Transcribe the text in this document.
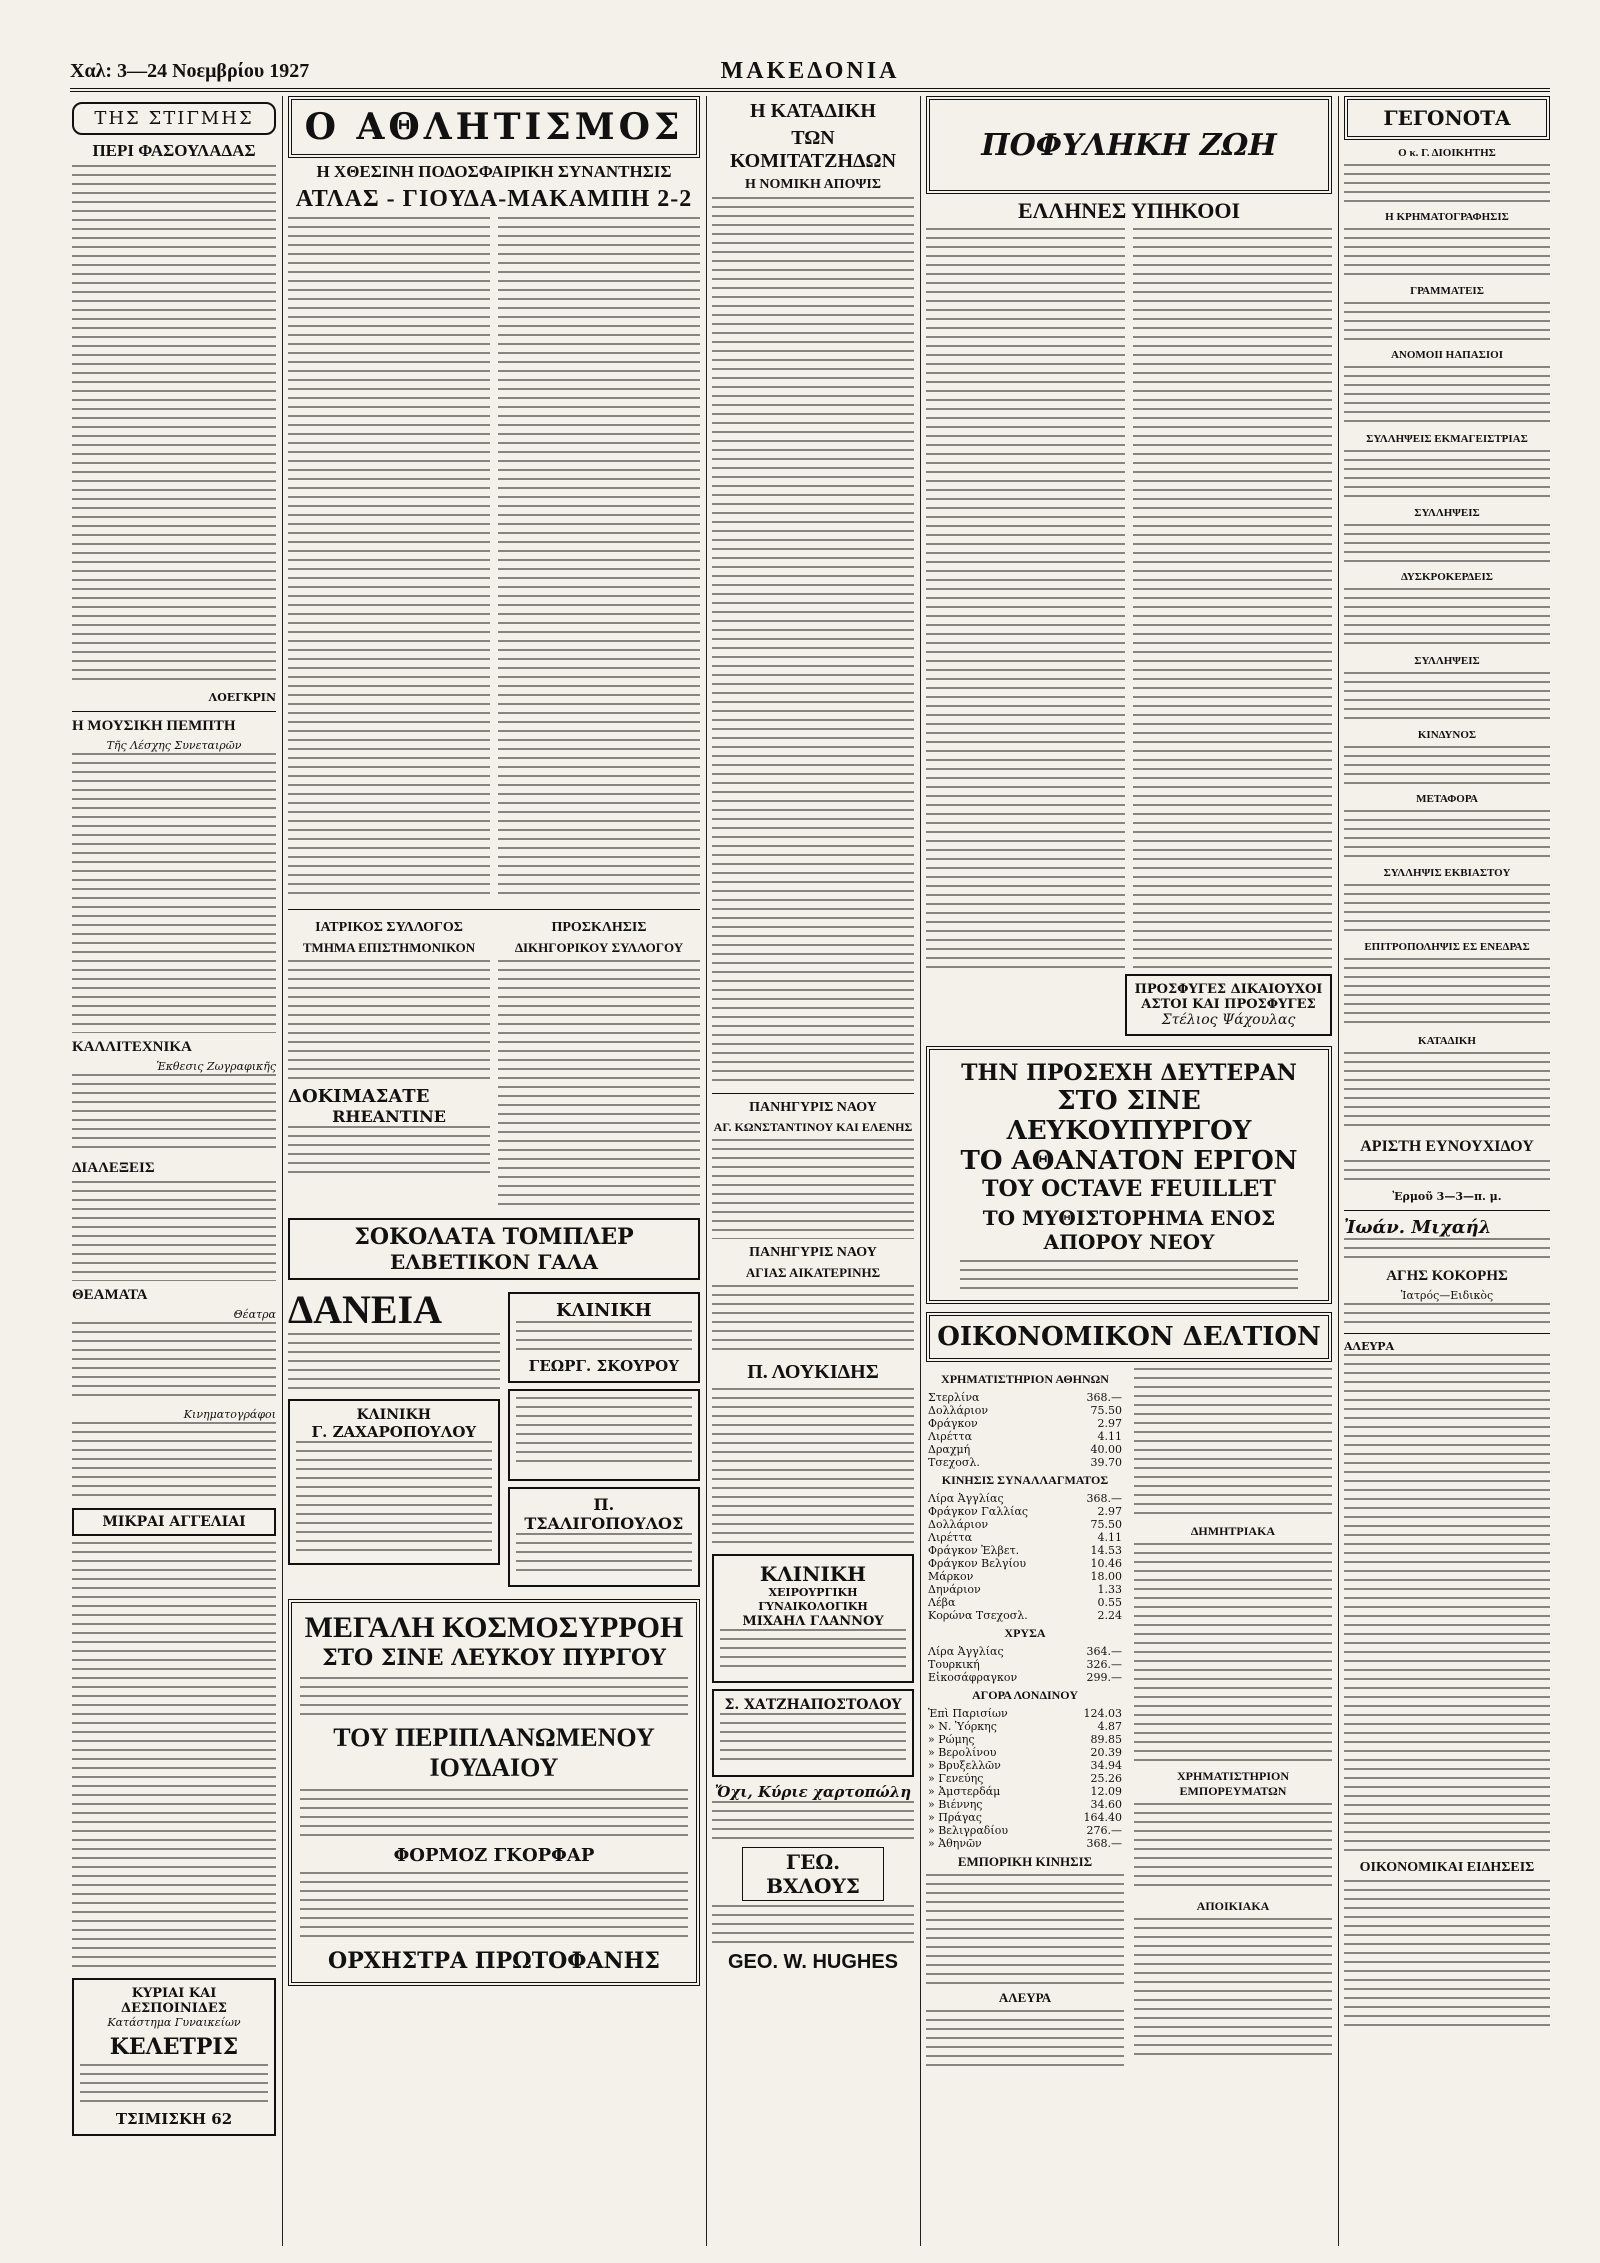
Χαλ: 3—24 Νοεμβρίου 1927	ΜΑΚΕΔΟΝΙΑ
ΤΗΣ ΣΤΙΓΜΗΣ
ΠΕΡΙ ΦΑΣΟΥΛΑΔΑΣ
ΛΟΕΓΚΡΙΝ
Η ΜΟΥΣΙΚΗ ΠΕΜΠΤΗ
Τῆς Λέσχης Συνεταιρῶν
ΚΑΛΛΙΤΕΧΝΙΚΑ
Ἐκθεσις Ζωγραφικῆς
ΔΙΑΛΕΞΕΙΣ
ΘΕΑΜΑΤΑ
Θέατρα
Κινηματογράφοι
ΜΙΚΡΑΙ ΑΓΓΕΛΙΑΙ
ΚΥΡΙΑΙ ΚΑΙ ΔΕΣΠΟΙΝΙΔΕΣ
Κατάστημα Γυναικείων
ΚΕΛΕΤΡΙΣ
ΤΣΙΜΙΣΚΗ 62
Ο ΑΘΛΗΤΙΣΜΟΣ
Η ΧΘΕΣΙΝΗ ΠΟΔΟΣΦΑΙΡΙΚΗ ΣΥΝΑΝΤΗΣΙΣ
ΑΤΛΑΣ - ΓΙΟΥΔΑ-ΜΑΚΑΜΠΗ 2-2
ΙΑΤΡΙΚΟΣ ΣΥΛΛΟΓΟΣ
ΤΜΗΜΑ ΕΠΙΣΤΗΜΟΝΙΚΟΝ
ΠΡΟΣΚΛΗΣΙΣ
ΔΙΚΗΓΟΡΙΚΟΥ ΣΥΛΛΟΓΟΥ
ΔΟΚΙΜΑΣΑΤΕ
RHEANTINE
ΣΟΚΟΛΑΤΑ ΤΟΜΠΛΕΡ
ΕΛΒΕΤΙΚΟΝ ΓΑΛΑ
ΔΑΝΕΙΑ
ΚΛΙΝΙΚΗ
Γ. ΖΑΧΑΡΟΠΟΥΛΟΥ
ΚΛΙΝΙΚΗ
ΓΕΩΡΓ. ΣΚΟΥΡΟΥ
Π. ΤΣΑΛΙΓΟΠΟΥΛΟΣ
ΜΕΓΑΛΗ ΚΟΣΜΟΣΥΡΡΟΗ
ΣΤΟ ΣΙΝΕ ΛΕΥΚΟΥ ΠΥΡΓΟΥ
ΤΟΥ ΠΕΡΙΠΛΑΝΩΜΕΝΟΥ ΙΟΥΔΑΙΟΥ
ΦΟΡΜΟΖ ΓΚΟΡΦΑΡ
ΟΡΧΗΣΤΡΑ ΠΡΩΤΟΦΑΝΗΣ
Η ΚΑΤΑΔΙΚΗ
ΤΩΝ ΚΟΜΙΤΑΤΖΗΔΩΝ
Η ΝΟΜΙΚΗ ΑΠΟΨΙΣ
ΠΑΝΗΓΥΡΙΣ ΝΑΟΥ
ΑΓ. ΚΩΝΣΤΑΝΤΙΝΟΥ ΚΑΙ ΕΛΕΝΗΣ
ΠΑΝΗΓΥΡΙΣ ΝΑΟΥ
ΑΓΙΑΣ ΑΙΚΑΤΕΡΙΝΗΣ
Π. ΛΟΥΚΙΔΗΣ
ΚΛΙΝΙΚΗ
ΧΕΙΡΟΥΡΓΙΚΗ ΓΥΝΑΙΚΟΛΟΓΙΚΗ
ΜΙΧΑΗΛ ΓΛΑΝΝΟΥ
Σ. ΧΑΤΖΗΑΠΟΣΤΟΛΟΥ
Ὄχι, Κύριε χαρτοπώλη
ΓΕΩ. ΒΧΛΟΥΣ
GEO. W. HUGHES
ΠΟΦΥΛΗΚΗ ΖΩΗ
ΕΛΛΗΝΕΣ ΥΠΗΚΟΟΙ
ΠΡΟΣΦΥΓΕΣ ΔΙΚΑΙΟΥΧΟΙ
ΑΣΤΟΙ ΚΑΙ ΠΡΟΣΦΥΓΕΣ
Στέλιος Ψάχουλας
ΤΗΝ ΠΡΟΣΕΧΗ ΔΕΥΤΕΡΑΝ
ΣΤΟ ΣΙΝΕ ΛΕΥΚΟΥΠΥΡΓΟΥ
ΤΟ ΑΘΑΝΑΤΟΝ ΕΡΓΟΝ
ΤΟΥ OCTAVE FEUILLET
ΤΟ ΜΥΘΙΣΤΟΡΗΜΑ ΕΝΟΣ ΑΠΟΡΟΥ ΝΕΟΥ
ΟΙΚΟΝΟΜΙΚΟΝ ΔΕΛΤΙΟΝ
ΧΡΗΜΑΤΙΣΤΗΡΙΟΝ ΑΘΗΝΩΝ
Στερλίνα	368.—
Δολλάριον	75.50
Φράγκον	2.97
Λιρέττα	4.11
Δραχμή	40.00
Τσεχοσλ.	39.70
ΚΙΝΗΣΙΣ ΣΥΝΑΛΛΑΓΜΑΤΟΣ
Λίρα Ἀγγλίας	368.—
Φράγκον Γαλλίας	2.97
Δολλάριον	75.50
Λιρέττα	4.11
Φράγκον Ἐλβετ.	14.53
Φράγκον Βελγίου	10.46
Μάρκον	18.00
Δηνάριον	1.33
Λέβα	0.55
Κορώνα Τσεχοσλ.	2.24
ΧΡΥΣΑ
Λίρα Ἀγγλίας	364.—
Τουρκική	326.—
Εἰκοσάφραγκον	299.—
ΑΓΟΡΑ ΛΟΝΔΙΝΟΥ
Ἐπὶ Παρισίων	124.03
» Ν. Ὑόρκης	4.87
» Ρώμης	89.85
» Βερολίνου	20.39
» Βρυξελλῶν	34.94
» Γενεύης	25.26
» Ἀμστερδάμ	12.09
» Βιέννης	34.60
» Πράγας	164.40
» Βελιγραδίου	276.—
» Ἀθηνῶν	368.—
ΕΜΠΟΡΙΚΗ ΚΙΝΗΣΙΣ
ΑΛΕΥΡΑ
ΔΗΜΗΤΡΙΑΚΑ
ΧΡΗΜΑΤΙΣΤΗΡΙΟΝ ΕΜΠΟΡΕΥΜΑΤΩΝ
ΑΠΟΙΚΙΑΚΑ
ΓΕΓΟΝΟΤΑ
Ο κ. Γ. ΔΙΟΙΚΗΤΗΣ
Η ΚΡΗΜΑΤΟΓΡΑΦΗΣΙΣ
ΓΡΑΜΜΑΤΕΙΣ
ΑΝΟΜΟΙΙ ΗΑΠΑΣΙΟΙ
ΣΥΛΛΗΨΕΙΣ ΕΚΜΑΓΕΙΣΤΡΙΑΣ
ΣΥΛΛΗΨΕΙΣ
ΔΥΣΚΡΟΚΕΡΔΕΙΣ
ΣΥΛΛΗΨΕΙΣ
ΚΙΝΔΥΝΟΣ
ΜΕΤΑΦΟΡΑ
ΣΥΛΛΗΨΙΣ ΕΚΒΙΑΣΤΟΥ
ΕΠΙΤΡΟΠΟΛΗΨΙΣ ΕΣ ΕΝΕΔΡΑΣ
ΚΑΤΑΔΙΚΗ
ΑΡΙΣΤΗ ΕΥΝΟΥΧΙΔΟΥ
Ἐρμοῦ 3—3—π. μ.
Ἰωάν. Μιχαήλ
ΑΓΗΣ ΚΟΚΟΡΗΣ
Ἰατρός—Ειδικὸς
ΑΛΕΥΡΑ
ΟΙΚΟΝΟΜΙΚΑΙ ΕΙΔΗΣΕΙΣ
